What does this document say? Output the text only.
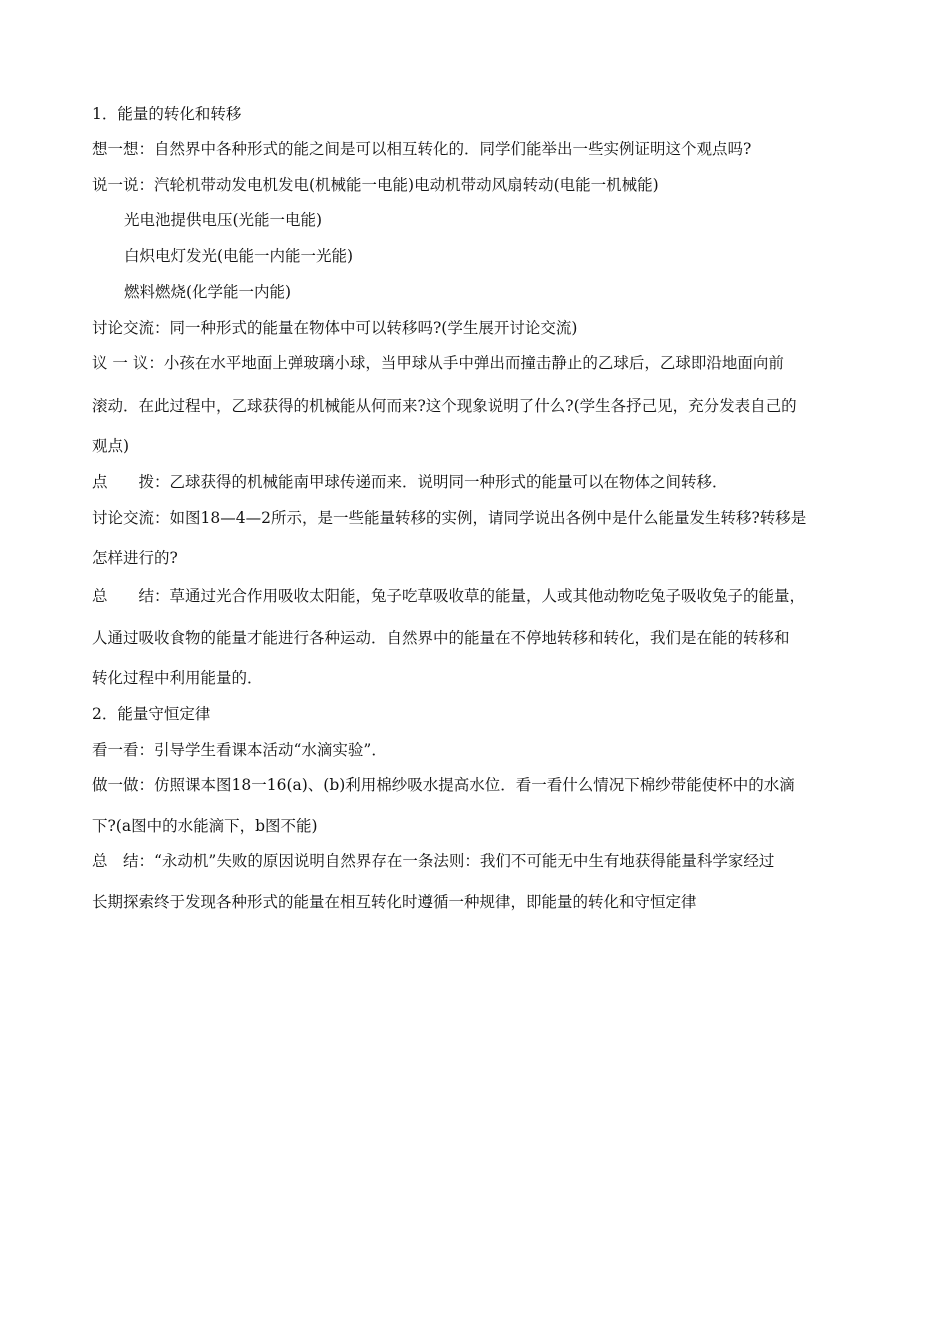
1．能量的转化和转移
想一想：自然界中各种形式的能之间是可以相互转化的．同学们能举出一些实例证明这个观点吗?
说一说：汽轮机带动发电机发电(机械能一电能)电动机带动风扇转动(电能一机械能)
光电池提供电压(光能一电能)
白炽电灯发光(电能一内能一光能)
燃料燃烧(化学能一内能)
讨论交流：同一种形式的能量在物体中可以转移吗?(学生展开讨论交流)
议 一 议：小孩在水平地面上弹玻璃小球，当甲球从手中弹出而撞击静止的乙球后，乙球即沿地面向前
滚动．在此过程中，乙球获得的机械能从何而来?这个现象说明了什么?(学生各抒己见，充分发表自己的
观点)
点　　拨：乙球获得的机械能南甲球传递而来．说明同一种形式的能量可以在物体之间转移．
讨论交流：如图18—4—2所示，是一些能量转移的实例，请同学说出各例中是什么能量发生转移?转移是
怎样进行的?
总　　结：草通过光合作用吸收太阳能，兔子吃草吸收草的能量，人或其他动物吃兔子吸收兔子的能量，
人通过吸收食物的能量才能进行各种运动．自然界中的能量在不停地转移和转化，我们是在能的转移和
转化过程中利用能量的．
2．能量守恒定律
看一看：引导学生看课本活动“水滴实验”．
做一做：仿照课本图18一16(a)、(b)利用棉纱吸水提高水位．看一看什么情况下棉纱带能使杯中的水滴
下?(a图中的水能滴下，b图不能)
总　结：“永动机”失败的原因说明自然界存在一条法则：我们不可能无中生有地获得能量科学家经过
长期探索终于发现各种形式的能量在相互转化时遵循一种规律，即能量的转化和守恒定律
